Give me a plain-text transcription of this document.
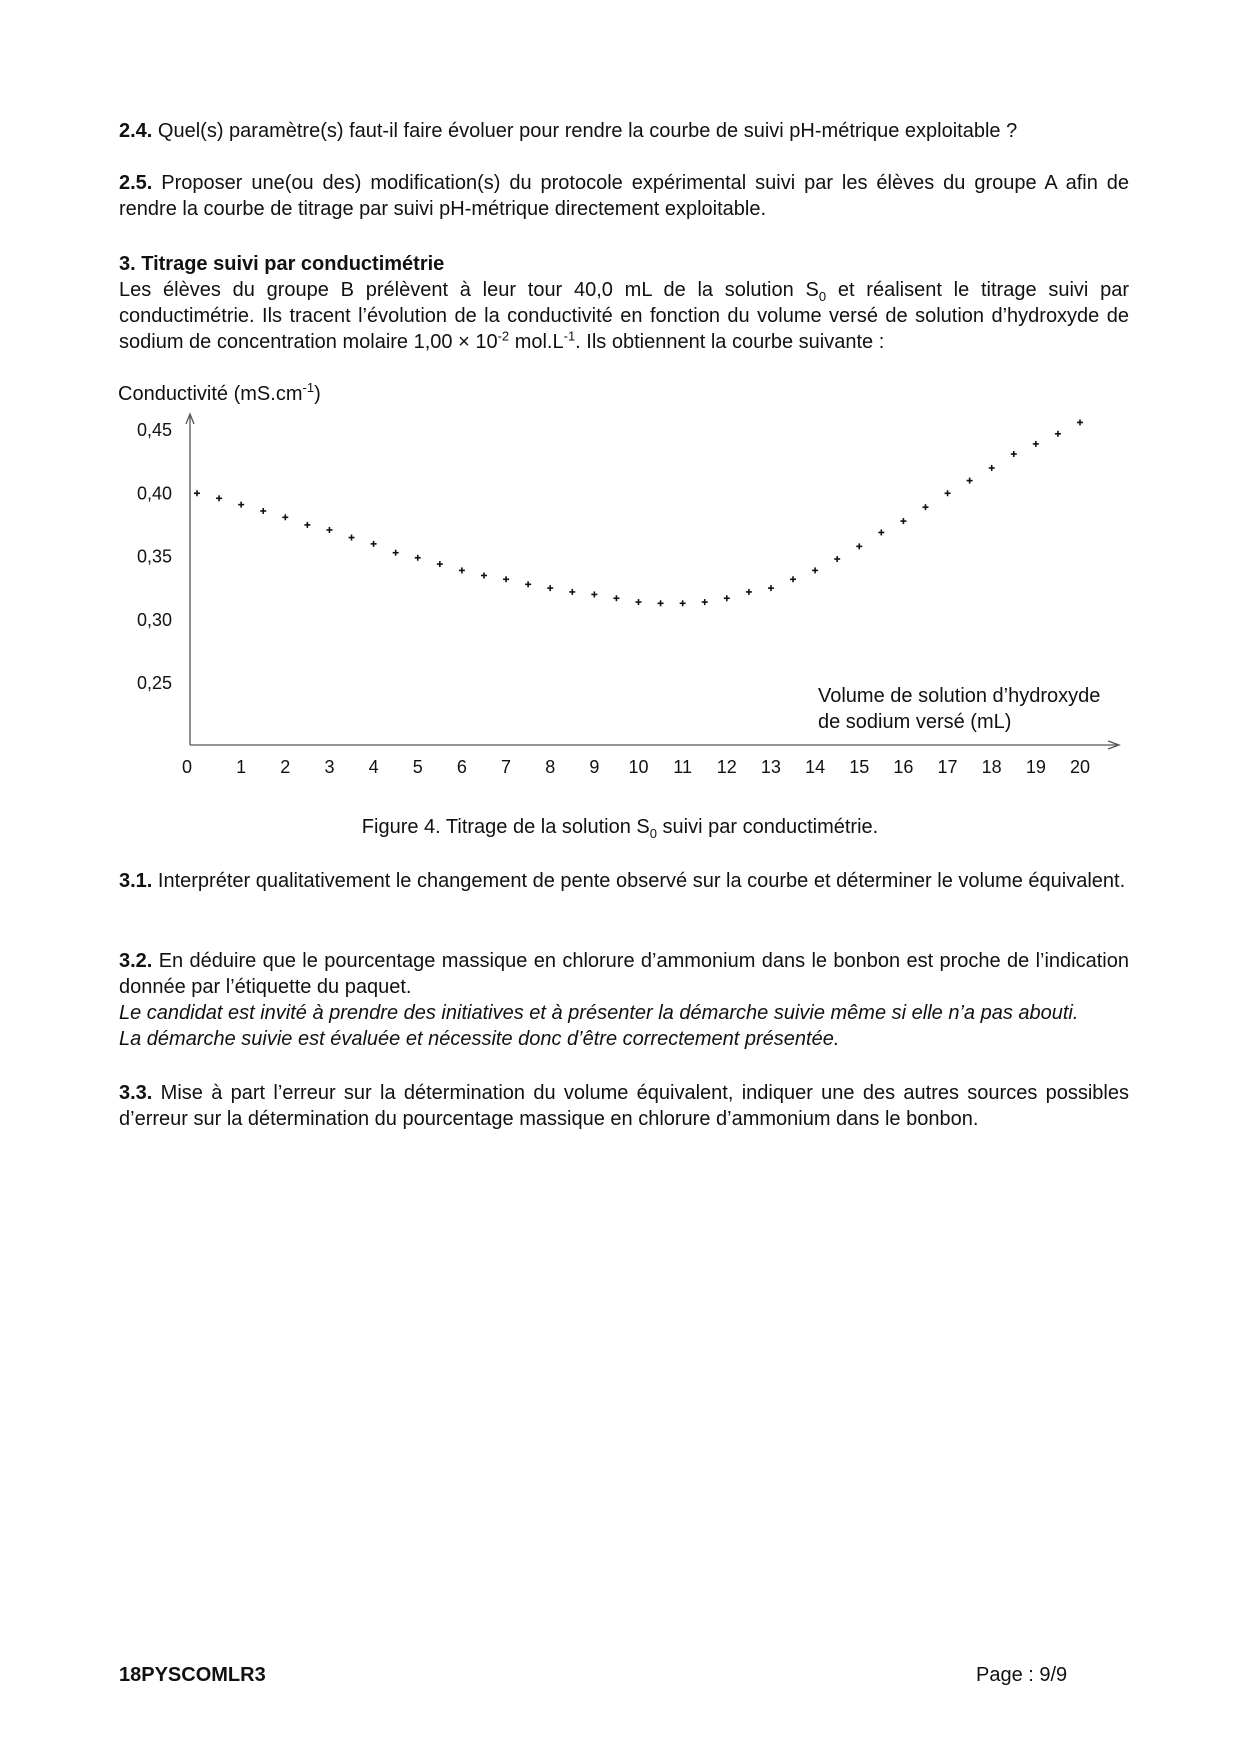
2.4. Quel(s) paramètre(s) faut-il faire évoluer pour rendre la courbe de suivi pH-métrique exploitable ?
2.5. Proposer une(ou des) modification(s) du protocole expérimental suivi par les élèves du groupe A afin de rendre la courbe de titrage par suivi pH-métrique directement exploitable.
3. Titrage suivi par conductimétrie
Les élèves du groupe B prélèvent à leur tour 40,0 mL de la solution $S_0$ et réalisent le titrage suivi par conductimétrie. Ils tracent l’évolution de la conductivité en fonction du volume versé de solution d’hydroxyde de sodium de concentration molaire $1,00 \times 10^{-2}$ $mol.L^{-1}$. Ils obtiennent la courbe suivante :
Conductivité $(mS.cm^{-1})$
0,45
0,40
0,35
0,30
0,25
0 1 2 3 4 5 6 7 8 9 10 11 12 13 14 15 16 17 18 19 20
Volume de solution d’hydroxyde
de sodium versé (mL)
Figure 4. Titrage de la solution $S_0$ suivi par conductimétrie.
3.1. Interpréter qualitativement le changement de pente observé sur la courbe et déterminer le volume équivalent.
3.2. En déduire que le pourcentage massique en chlorure d’ammonium dans le bonbon est proche de l’indication donnée par l’étiquette du paquet.
Le candidat est invité à prendre des initiatives et à présenter la démarche suivie même si elle n’a pas abouti.
La démarche suivie est évaluée et nécessite donc d’être correctement présentée.
3.3. Mise à part l’erreur sur la détermination du volume équivalent, indiquer une des autres sources possibles d’erreur sur la détermination du pourcentage massique en chlorure d’ammonium dans le bonbon.
18PYSCOMLR3	Page : 9/9
